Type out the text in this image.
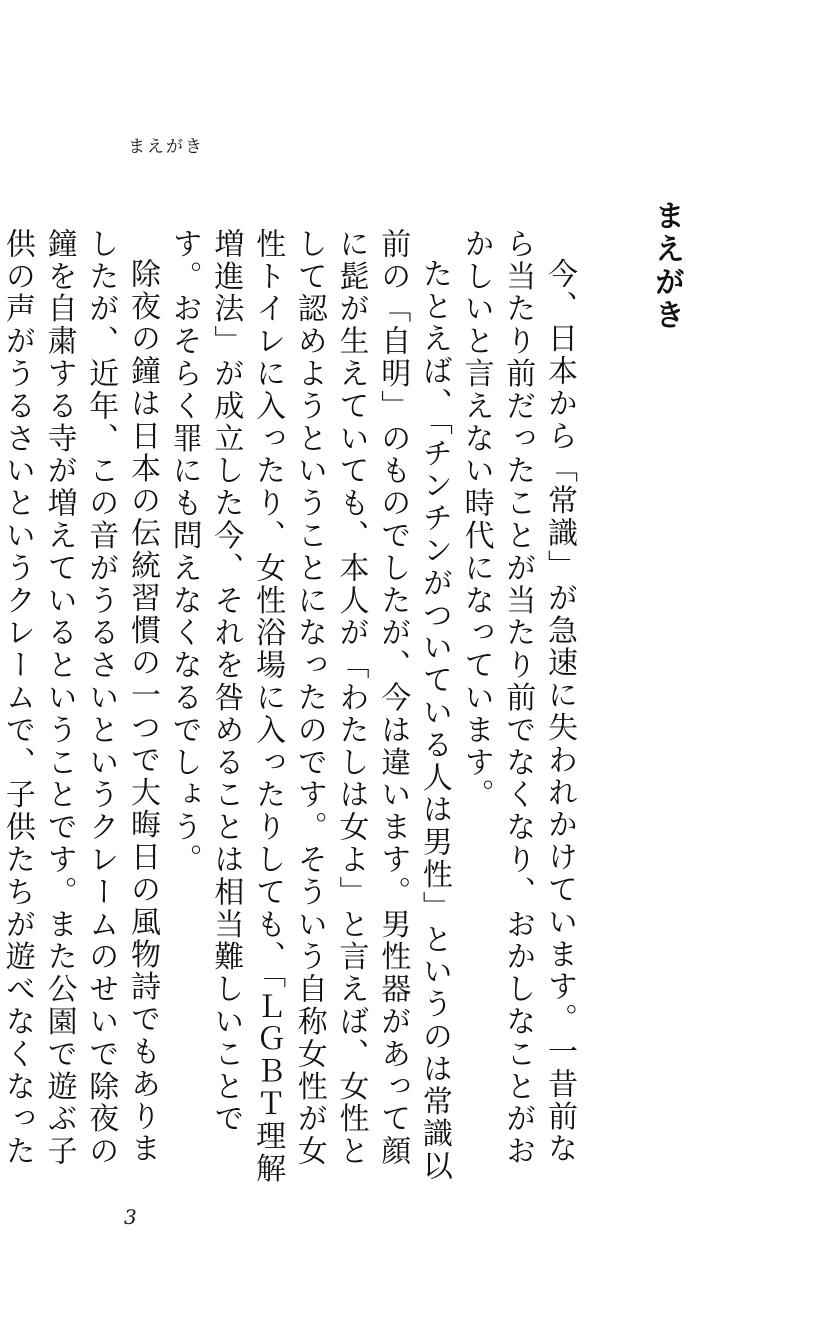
まえがき
まえがき

今、日本から「常識」が急速に失われかけています。一昔前なら当たり前だったことが当たり前でなくなり、おかしなことがおかしいと言えない時代になっています。

たとえば、「チンチンがついている人は男性」というのは常識以前の「自明」のものでしたが、今は違います。男性器があって顔に髭が生えていても、本人が「わたしは女よ」と言えば、女性として認めようということになったのです。そういう自称女性が女性トイレに入ったり、女性浴場に入ったりしても、「ＬＧＢＴ理解増進法」が成立した今、それを咎めることは相当難しいことです。おそらく罪にも問えなくなるでしょう。

除夜の鐘は日本の伝統習慣の一つで大晦日の風物詩でもありましたが、近年、この音がうるさいというクレームのせいで除夜の鐘を自粛する寺が増えているということです。また公園で遊ぶ子供の声がうるさいというクレームで、子供たちが遊べなくなった

3
